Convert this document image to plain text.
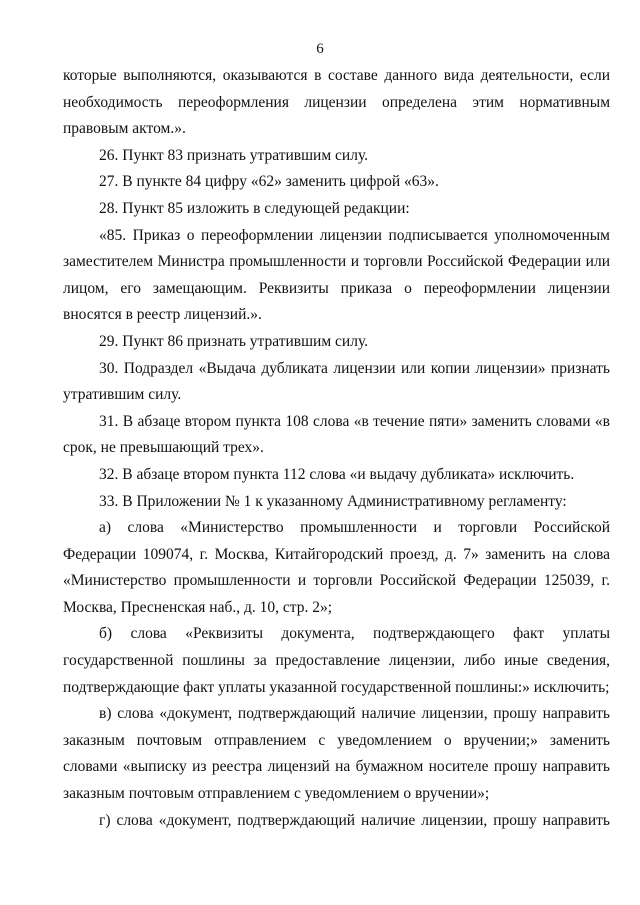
6

которые выполняются, оказываются в составе данного вида деятельности, если необходимость переоформления лицензии определена этим нормативным правовым актом.».

26. Пункт 83 признать утратившим силу.

27. В пункте 84 цифру «62» заменить цифрой «63».

28. Пункт 85 изложить в следующей редакции:

«85. Приказ о переоформлении лицензии подписывается уполномоченным заместителем Министра промышленности и торговли Российской Федерации или лицом, его замещающим. Реквизиты приказа о переоформлении лицензии вносятся в реестр лицензий.».

29. Пункт 86 признать утратившим силу.

30. Подраздел «Выдача дубликата лицензии или копии лицензии» признать утратившим силу.

31. В абзаце втором пункта 108 слова «в течение пяти» заменить словами «в срок, не превышающий трех».

32. В абзаце втором пункта 112 слова «и выдачу дубликата» исключить.

33. В Приложении № 1 к указанному Административному регламенту:

а) слова «Министерство промышленности и торговли Российской Федерации 109074, г. Москва, Китайгородский проезд, д. 7» заменить на слова «Министерство промышленности и торговли Российской Федерации 125039, г. Москва, Пресненская наб., д. 10, стр. 2»;

б) слова «Реквизиты документа, подтверждающего факт уплаты государственной пошлины за предоставление лицензии, либо иные сведения, подтверждающие факт уплаты указанной государственной пошлины:» исключить;

в) слова «документ, подтверждающий наличие лицензии, прошу направить заказным почтовым отправлением с уведомлением о вручении;» заменить словами «выписку из реестра лицензий на бумажном носителе прошу направить заказным почтовым отправлением с уведомлением о вручении»;

г) слова «документ, подтверждающий наличие лицензии, прошу направить
